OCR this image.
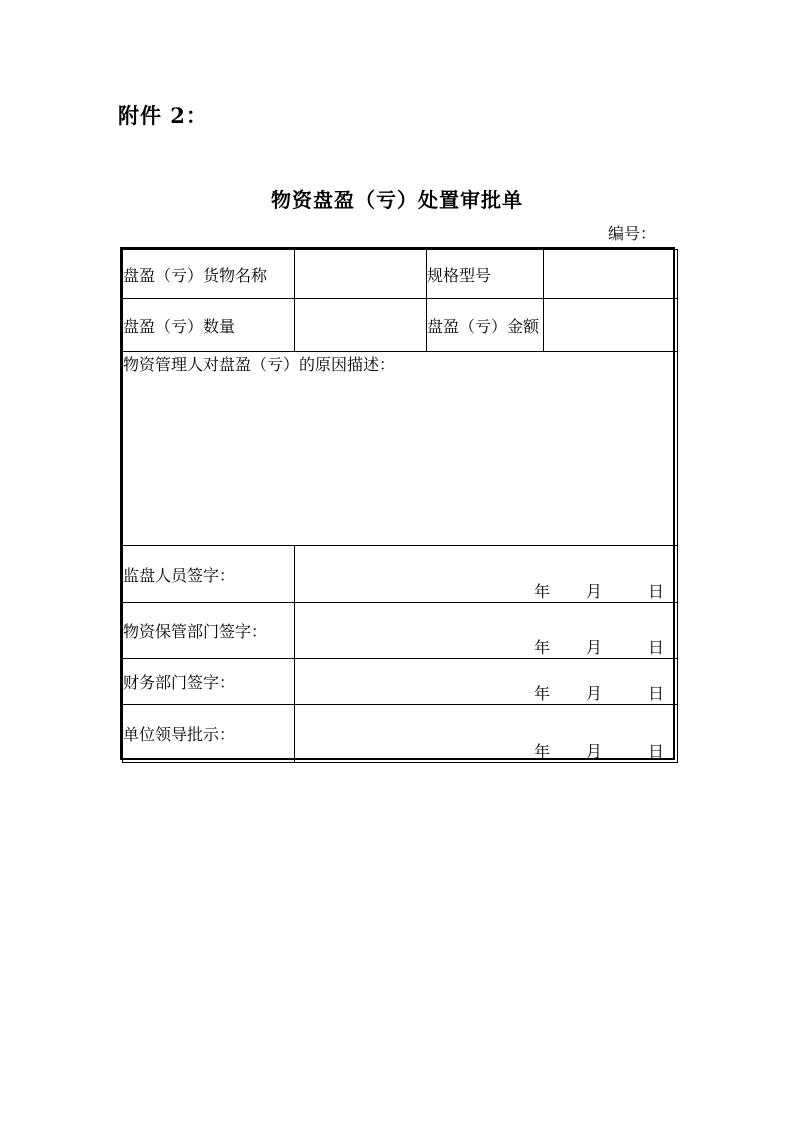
附件 2：
物资盘盈（亏）处置审批单
编号：
盘盈（亏）货物名称		规格型号	
盘盈（亏）数量		盘盈（亏）金额	
物资管理人对盘盈（亏）的原因描述：			
监盘人员签字：	年 月 日		
物资保管部门签字：	年 月 日		
财务部门签字：	年 月 日		
单位领导批示：	年 月 日		
